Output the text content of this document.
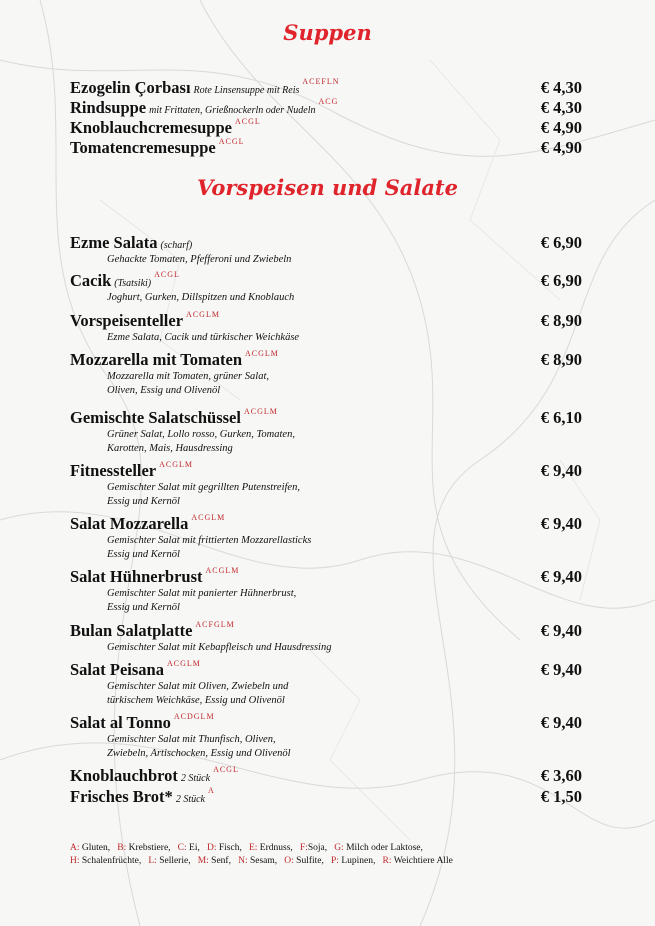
Suppen
Ezogelin Çorbası Rote Linsensuppe mit Reis$^{ACEFLN}$	€ 4,30
Rindsuppe mit Frittaten, Grießnockerln oder Nudeln$^{ACG}$	€ 4,30
Knoblauchcremesuppe $^{ACGL}$	€ 4,90
Tomatencremesuppe $^{ACGL}$	€ 4,90
Vorspeisen und Salate
Ezme Salata (scharf)	€ 6,90
Gehackte Tomaten, Pfefferoni und Zwiebeln
Cacik (Tsatsiki)$^{ACGL}$	€ 6,90
Joghurt, Gurken, Dillspitzen und Knoblauch
Vorspeisenteller $^{ACGLM}$	€ 8,90
Ezme Salata, Cacik und türkischer Weichkäse
Mozzarella mit Tomaten $^{ACGLM}$	€ 8,90
Mozzarella mit Tomaten, grüner Salat,
Oliven, Essig und Olivenöl
Gemischte Salatschüssel $^{ACGLM}$	€ 6,10
Grüner Salat, Lollo rosso, Gurken, Tomaten,
Karotten, Mais, Hausdressing
Fitnessteller $^{ACGLM}$	€ 9,40
Gemischter Salat mit gegrillten Putenstreifen,
Essig und Kernöl
Salat Mozzarella $^{ACGLM}$	€ 9,40
Gemischter Salat mit frittierten Mozzarellasticks
Essig und Kernöl
Salat Hühnerbrust $^{ACGLM}$	€ 9,40
Gemischter Salat mit panierter Hühnerbrust,
Essig und Kernöl
Bulan Salatplatte $^{ACFGLM}$	€ 9,40
Gemischter Salat mit Kebapfleisch und Hausdressing
Salat Peisana $^{ACGLM}$	€ 9,40
Gemischter Salat mit Oliven, Zwiebeln und
türkischem Weichkäse, Essig und Olivenöl
Salat al Tonno $^{ACDGLM}$	€ 9,40
Gemischter Salat mit Thunfisch, Oliven,
Zwiebeln, Artischocken, Essig und Olivenöl
Knoblauchbrot 2 Stück$^{ACGL}$	€ 3,60
Frisches Brot* 2 Stück$^A$	€ 1,50
A: Gluten, B: Krebstiere, C: Ei, D: Fisch, E: Erdnuss, F:Soja, G: Milch oder Laktose,
H: Schalenfrüchte, L: Sellerie, M: Senf, N: Sesam, O: Sulfite, P: Lupinen, R: Weichtiere Alle
